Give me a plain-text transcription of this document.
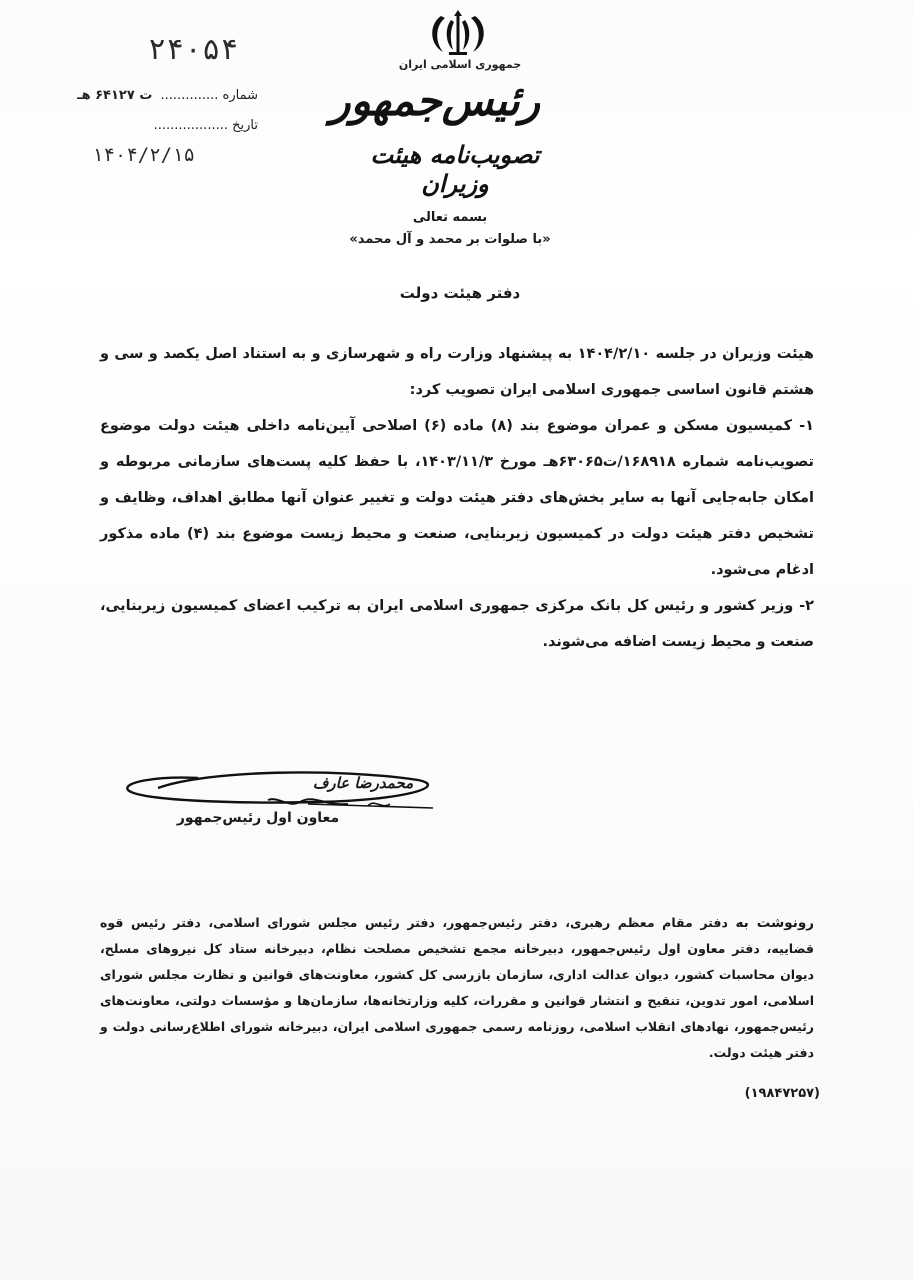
۲۴۰۵۴
شماره .............. ت ۶۴۱۲۷ هـ
تاریخ ..................
۱۴۰۴/۲/۱۵
جمهوری اسلامی ایران
رئیس‌جمهور
تصویب‌نامه هیئت وزیران
بسمه تعالی
«با صلوات بر محمد و آل محمد»
دفتر هیئت دولت

هیئت وزیران در جلسه ۱۴۰۴/۲/۱۰ به پیشنهاد وزارت راه و شهرسازی و به استناد اصل یکصد و سی و هشتم قانون اساسی جمهوری اسلامی ایران تصویب کرد:

۱- کمیسیون مسکن و عمران موضوع بند (۸) ماده (۶) اصلاحی آیین‌نامه داخلی هیئت دولت موضوع تصویب‌نامه شماره ۱۶۸۹۱۸/ت۶۳۰۶۵هـ مورخ ۱۴۰۳/۱۱/۳، با حفظ کلیه پست‌های سازمانی مربوطه و امکان جابه‌جایی آنها به سایر بخش‌های دفتر هیئت دولت و تغییر عنوان آنها مطابق اهداف، وظایف و تشخیص دفتر هیئت دولت در کمیسیون زیربنایی، صنعت و محیط زیست موضوع بند (۴) ماده مذکور ادغام می‌شود.

۲- وزیر کشور و رئیس کل بانک مرکزی جمهوری اسلامی ایران به ترکیب اعضای کمیسیون زیربنایی، صنعت و محیط زیست اضافه می‌شوند.

محمدرضا عارف
معاون اول رئیس‌جمهور
رونوشت به دفتر مقام معظم رهبری، دفتر رئیس‌جمهور، دفتر رئیس مجلس شورای اسلامی، دفتر رئیس قوه قضاییه، دفتر معاون اول رئیس‌جمهور، دبیرخانه مجمع تشخیص مصلحت نظام، دبیرخانه ستاد کل نیروهای مسلح، دیوان محاسبات کشور، دیوان عدالت اداری، سازمان بازرسی کل کشور، معاونت‌های قوانین و نظارت مجلس شورای اسلامی، امور تدوین، تنقیح و انتشار قوانین و مقررات، کلیه وزارتخانه‌ها، سازمان‌ها و مؤسسات دولتی، معاونت‌های رئیس‌جمهور، نهادهای انقلاب اسلامی، روزنامه رسمی جمهوری اسلامی ایران، دبیرخانه شورای اطلاع‌رسانی دولت و دفتر هیئت دولت.
(۱۹۸۴۷۲۵۷)
